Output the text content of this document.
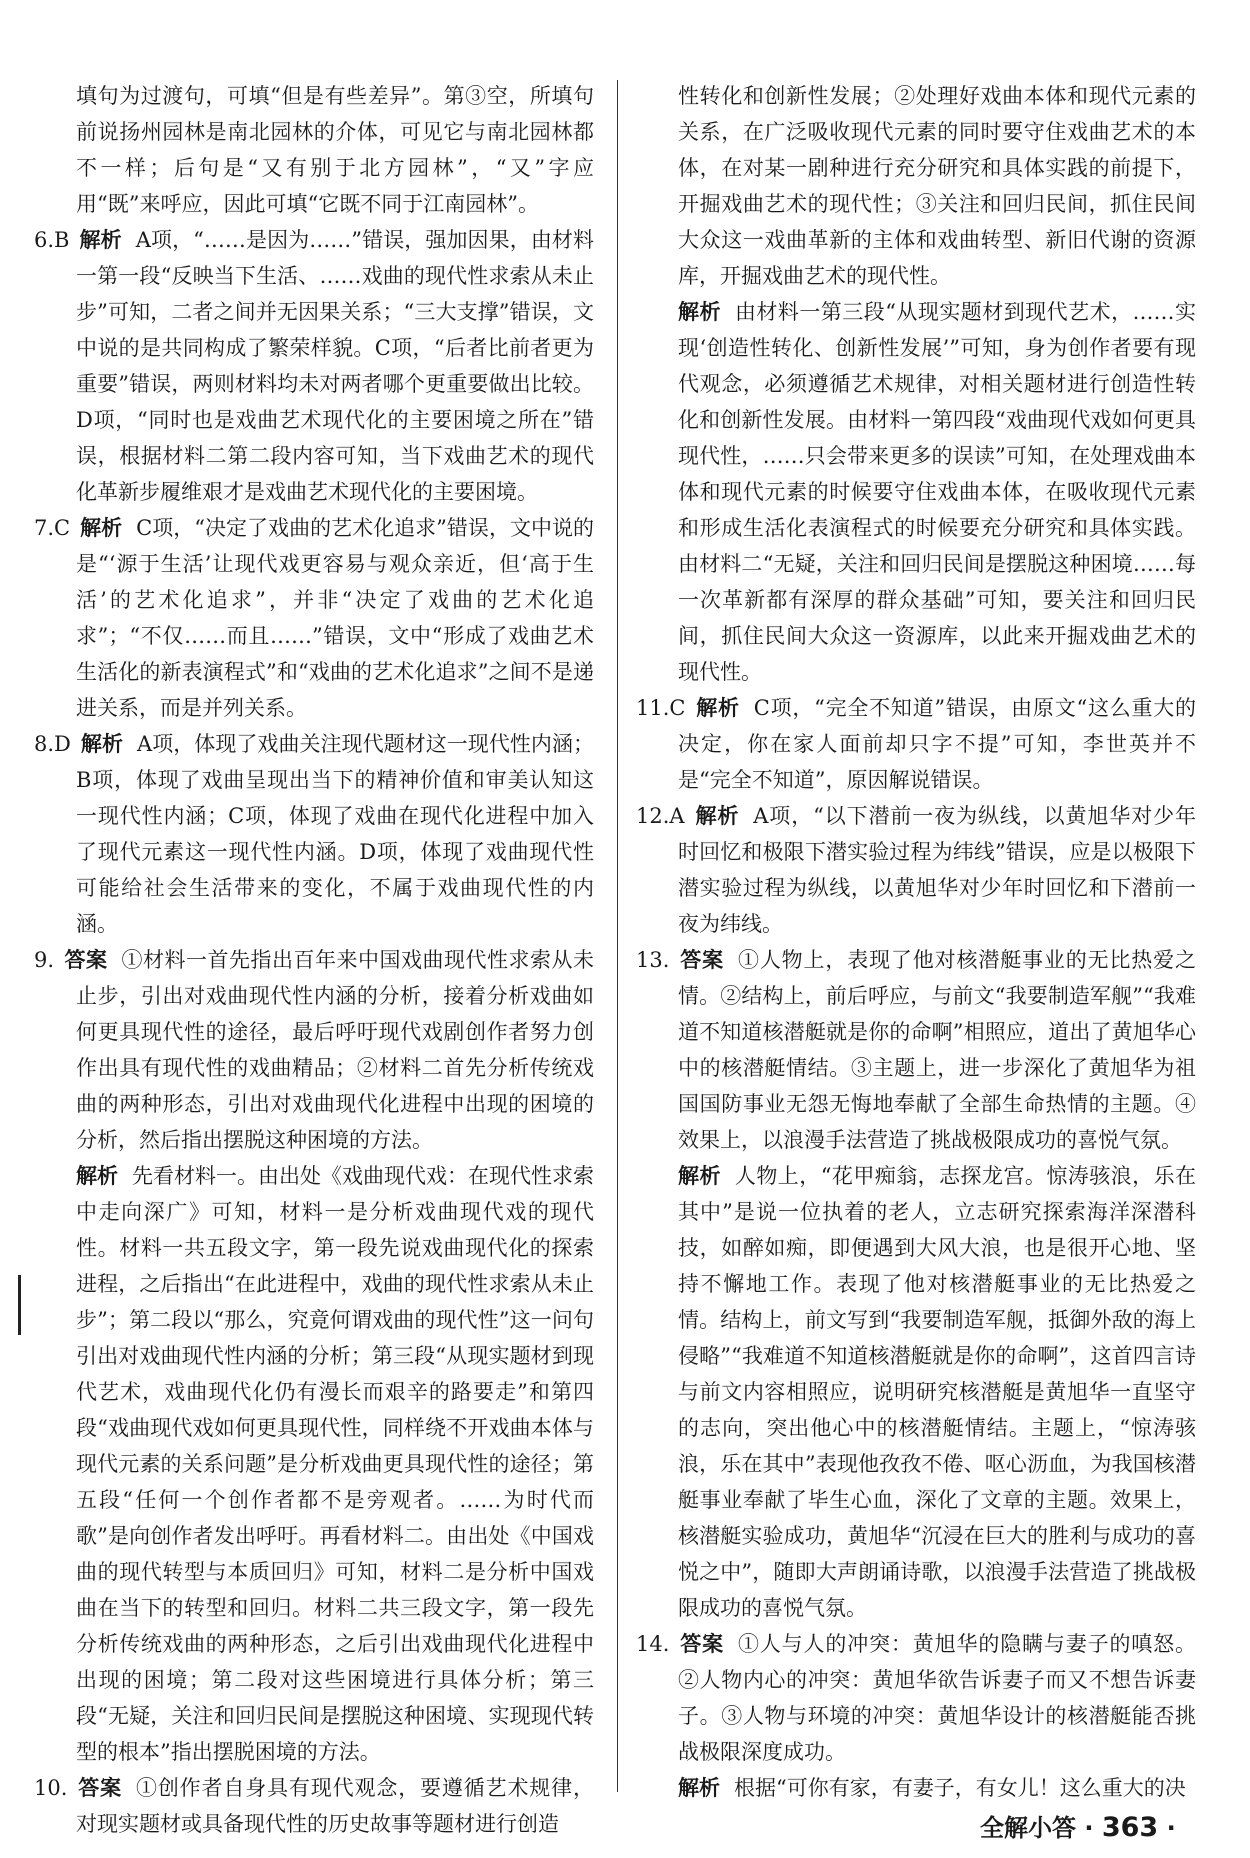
填句为过渡句，可填“但是有些差异”。第③空，所填句前说扬州园林是南北园林的介体，可见它与南北园林都不一样；后句是“又有别于北方园林”，“又”字应用“既”来呼应，因此可填“它既不同于江南园林”。

6.B 解析 A项，“……是因为……”错误，强加因果，由材料一第一段“反映当下生活、……戏曲的现代性求索从未止步”可知，二者之间并无因果关系；“三大支撑”错误，文中说的是共同构成了繁荣样貌。C项，“后者比前者更为重要”错误，两则材料均未对两者哪个更重要做出比较。D项，“同时也是戏曲艺术现代化的主要困境之所在”错误，根据材料二第二段内容可知，当下戏曲艺术的现代化革新步履维艰才是戏曲艺术现代化的主要困境。

7.C 解析 C项，“决定了戏曲的艺术化追求”错误，文中说的是“‘源于生活’让现代戏更容易与观众亲近，但‘高于生活’的艺术化追求”，并非“决定了戏曲的艺术化追求”；“不仅……而且……”错误，文中“形成了戏曲艺术生活化的新表演程式”和“戏曲的艺术化追求”之间不是递进关系，而是并列关系。

8.D 解析 A项，体现了戏曲关注现代题材这一现代性内涵；B项，体现了戏曲呈现出当下的精神价值和审美认知这一现代性内涵；C项，体现了戏曲在现代化进程中加入了现代元素这一现代性内涵。D项，体现了戏曲现代性可能给社会生活带来的变化，不属于戏曲现代性的内涵。

9. 答案 ①材料一首先指出百年来中国戏曲现代性求索从未止步，引出对戏曲现代性内涵的分析，接着分析戏曲如何更具现代性的途径，最后呼吁现代戏剧创作者努力创作出具有现代性的戏曲精品；②材料二首先分析传统戏曲的两种形态，引出对戏曲现代化进程中出现的困境的分析，然后指出摆脱这种困境的方法。

解析 先看材料一。由出处《戏曲现代戏：在现代性求索中走向深广》可知，材料一是分析戏曲现代戏的现代性。材料一共五段文字，第一段先说戏曲现代化的探索进程，之后指出“在此进程中，戏曲的现代性求索从未止步”；第二段以“那么，究竟何谓戏曲的现代性”这一问句引出对戏曲现代性内涵的分析；第三段“从现实题材到现代艺术，戏曲现代化仍有漫长而艰辛的路要走”和第四段“戏曲现代戏如何更具现代性，同样绕不开戏曲本体与现代元素的关系问题”是分析戏曲更具现代性的途径；第五段“任何一个创作者都不是旁观者。……为时代而歌”是向创作者发出呼吁。再看材料二。由出处《中国戏曲的现代转型与本质回归》可知，材料二是分析中国戏曲在当下的转型和回归。材料二共三段文字，第一段先分析传统戏曲的两种形态，之后引出戏曲现代化进程中出现的困境；第二段对这些困境进行具体分析；第三段“无疑，关注和回归民间是摆脱这种困境、实现现代转型的根本”指出摆脱困境的方法。

10. 答案 ①创作者自身具有现代观念，要遵循艺术规律，对现实题材或具备现代性的历史故事等题材进行创造

性转化和创新性发展；②处理好戏曲本体和现代元素的关系，在广泛吸收现代元素的同时要守住戏曲艺术的本体，在对某一剧种进行充分研究和具体实践的前提下，开掘戏曲艺术的现代性；③关注和回归民间，抓住民间大众这一戏曲革新的主体和戏曲转型、新旧代谢的资源库，开掘戏曲艺术的现代性。

解析 由材料一第三段“从现实题材到现代艺术，……实现‘创造性转化、创新性发展’”可知，身为创作者要有现代观念，必须遵循艺术规律，对相关题材进行创造性转化和创新性发展。由材料一第四段“戏曲现代戏如何更具现代性，……只会带来更多的误读”可知，在处理戏曲本体和现代元素的时候要守住戏曲本体，在吸收现代元素和形成生活化表演程式的时候要充分研究和具体实践。由材料二“无疑，关注和回归民间是摆脱这种困境……每一次革新都有深厚的群众基础”可知，要关注和回归民间，抓住民间大众这一资源库，以此来开掘戏曲艺术的现代性。

11.C 解析 C项，“完全不知道”错误，由原文“这么重大的决定，你在家人面前却只字不提”可知，李世英并不是“完全不知道”，原因解说错误。

12.A 解析 A项，“以下潜前一夜为纵线，以黄旭华对少年时回忆和极限下潜实验过程为纬线”错误，应是以极限下潜实验过程为纵线，以黄旭华对少年时回忆和下潜前一夜为纬线。

13. 答案 ①人物上，表现了他对核潜艇事业的无比热爱之情。②结构上，前后呼应，与前文“我要制造军舰”“我难道不知道核潜艇就是你的命啊”相照应，道出了黄旭华心中的核潜艇情结。③主题上，进一步深化了黄旭华为祖国国防事业无怨无悔地奉献了全部生命热情的主题。④效果上，以浪漫手法营造了挑战极限成功的喜悦气氛。

解析 人物上，“花甲痴翁，志探龙宫。惊涛骇浪，乐在其中”是说一位执着的老人，立志研究探索海洋深潜科技，如醉如痴，即便遇到大风大浪，也是很开心地、坚持不懈地工作。表现了他对核潜艇事业的无比热爱之情。结构上，前文写到“我要制造军舰，抵御外敌的海上侵略”“我难道不知道核潜艇就是你的命啊”，这首四言诗与前文内容相照应，说明研究核潜艇是黄旭华一直坚守的志向，突出他心中的核潜艇情结。主题上，“惊涛骇浪，乐在其中”表现他孜孜不倦、呕心沥血，为我国核潜艇事业奉献了毕生心血，深化了文章的主题。效果上，核潜艇实验成功，黄旭华“沉浸在巨大的胜利与成功的喜悦之中”，随即大声朗诵诗歌，以浪漫手法营造了挑战极限成功的喜悦气氛。

14. 答案 ①人与人的冲突：黄旭华的隐瞒与妻子的嗔怒。②人物内心的冲突：黄旭华欲告诉妻子而又不想告诉妻子。③人物与环境的冲突：黄旭华设计的核潜艇能否挑战极限深度成功。

解析 根据“可你有家，有妻子，有女儿！这么重大的决

全解小答 · 363 ·
